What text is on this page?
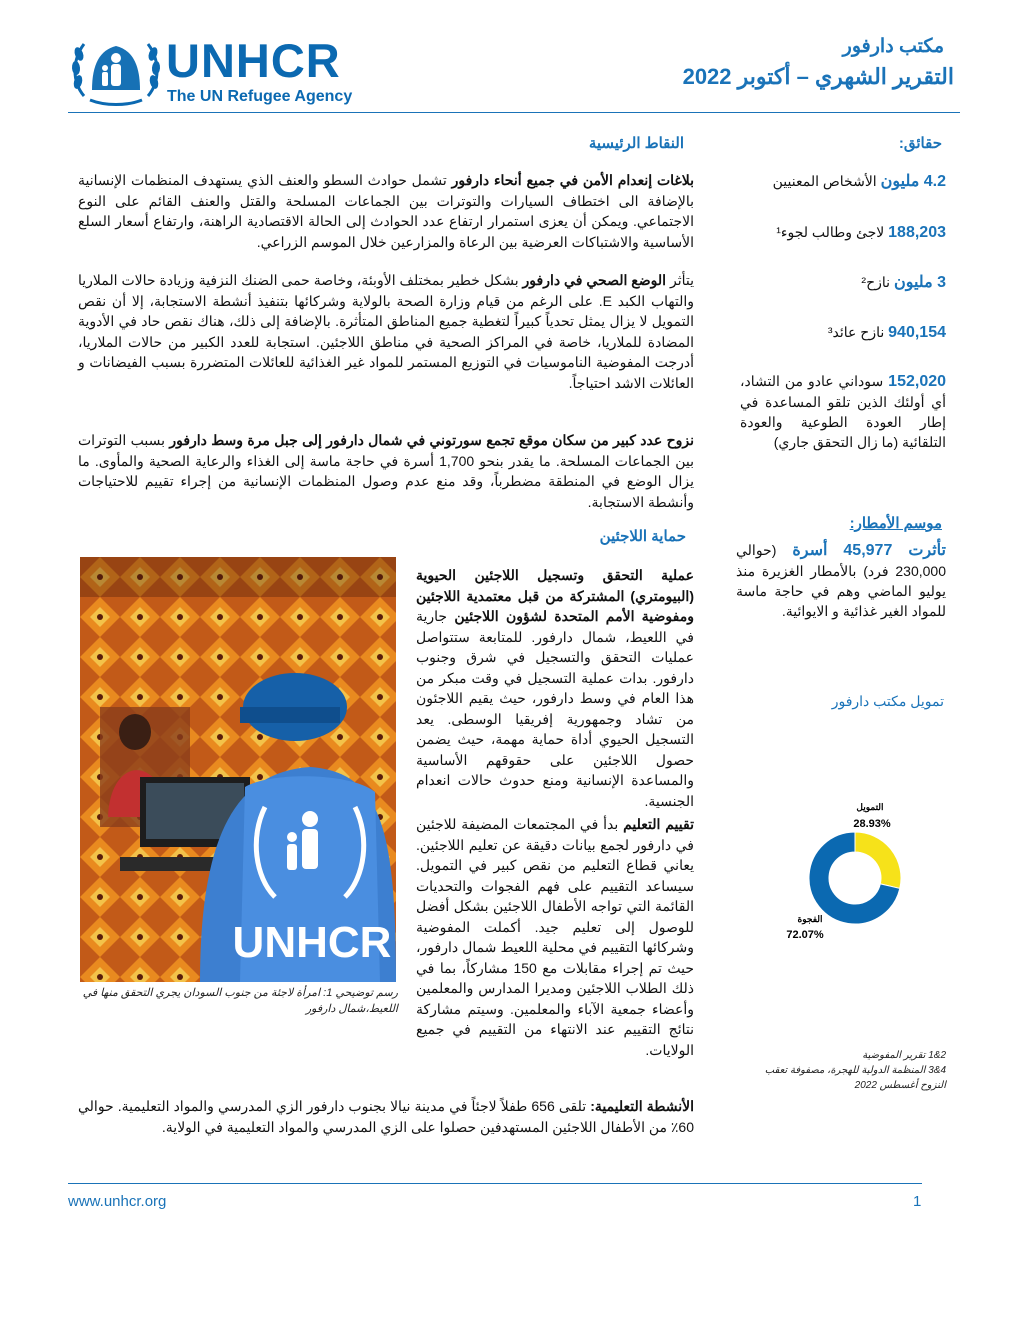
UNHCR
The UN Refugee Agency
مكتب دارفور
التقرير الشهري – أكتوبر 2022
حقائق:
4.2 مليون الأشخاص المعنيين
188,203 لاجئ وطالب لجوء¹
3 مليون نازح²
940,154 نازح عائد³
152,020 سوداني عادو من التشاد، أي أولئك الذين تلقو المساعدة في إطار العودة الطوعية والعودة التلقائية (ما زال التحقق جاري)
موسم الأمطار:
تأثرت 45,977 أسرة (حوالي 230,000 فرد) بالأمطار الغزيرة منذ يوليو الماضي وهم في حاجة ماسة للمواد الغير غذائية و الايوائية.
تمويل مكتب دارفور
التمويل
28.93%
الفجوة
72.07%
2&1 تقرير المفوضية
4&3 المنظمة الدولية للهجرة، مصفوفة تعقب
النزوح أغسطس 2022
النقاط الرئيسية
بلاغات إنعدام الأمن في جميع أنحاء دارفور تشمل حوادث السطو والعنف الذي يستهدف المنظمات الإنسانية بالإضافة الى اختطاف السيارات والتوترات بين الجماعات المسلحة والقتل والعنف القائم على النوع الاجتماعي. ويمكن أن يعزى استمرار ارتفاع عدد الحوادث إلى الحالة الاقتصادية الراهنة، وارتفاع أسعار السلع الأساسية والاشتباكات العرضية بين الرعاة والمزارعين خلال الموسم الزراعي.
يتأثر الوضع الصحي في دارفور بشكل خطير بمختلف الأوبئة، وخاصة حمى الضنك النزفية وزيادة حالات الملاريا والتهاب الكبد E. على الرغم من قيام وزارة الصحة بالولاية وشركائها بتنفيذ أنشطة الاستجابة، إلا أن نقص التمويل لا يزال يمثل تحدياً كبيراً لتغطية جميع المناطق المتأثرة. بالإضافة إلى ذلك، هناك نقص حاد في الأدوية المضادة للملاريا، خاصة في المراكز الصحية في مناطق اللاجئين. استجابة للعدد الكبير من حالات الملاريا، أدرجت المفوضية الناموسيات في التوزيع المستمر للمواد غير الغذائية للعائلات المتضررة بسبب الفيضانات و العائلات الاشد احتياجاً.
نزوح عدد كبير من سكان موقع تجمع سورتوني في شمال دارفور إلى جبل مرة وسط دارفور بسبب التوترات بين الجماعات المسلحة. ما يقدر بنحو 1,700 أسرة في حاجة ماسة إلى الغذاء والرعاية الصحية والمأوى. ما يزال الوضع في المنطقة مضطرباً، وقد منع عدم وصول المنظمات الإنسانية من إجراء تقييم للاحتياجات وأنشطة الاستجابة.
حماية اللاجئين
UNHCR
رسم توضيحي 1: امرأة لاجئة من جنوب السودان يجري التحقق منها في اللعيط،شمال دارفور
عملية التحقق وتسجيل اللاجئين الحيوية (البيومتري) المشتركة من قبل معتمدية اللاجئين ومفوضية الأمم المتحدة لشؤون اللاجئين جارية في اللعيط، شمال دارفور. للمتابعة ستتواصل عمليات التحقق والتسجيل في شرق وجنوب دارفور. بدات عملية التسجيل في وقت مبكر من هذا العام في وسط دارفور، حيث يقيم اللاجئون من تشاد وجمهورية إفريقيا الوسطى. يعد التسجيل الحيوي أداة حماية مهمة، حيث يضمن حصول اللاجئين على حقوقهم الأساسية والمساعدة الإنسانية ومنع حدوث حالات انعدام الجنسية.
تقييم التعليم بدأ في المجتمعات المضيفة للاجئين في دارفور لجمع بيانات دقيقة عن تعليم اللاجئين. يعاني قطاع التعليم من نقص كبير في التمويل. سيساعد التقييم على فهم الفجوات والتحديات القائمة التي تواجه الأطفال اللاجئين بشكل أفضل للوصول إلى تعليم جيد. أكملت المفوضية وشركائها التقييم في محلية اللعيط شمال دارفور، حيث تم إجراء مقابلات مع 150 مشاركاً، بما في ذلك الطلاب اللاجئين ومديرا المدارس والمعلمين وأعضاء جمعية الآباء والمعلمين. وسيتم مشاركة نتائج التقييم عند الانتهاء من التقييم في جميع الولايات.
الأنشطة التعليمية: تلقى 656 طفلاً لاجئاً في مدينة نيالا بجنوب دارفور الزي المدرسي والمواد التعليمية. حوالي 60٪ من الأطفال اللاجئين المستهدفين حصلوا على الزي المدرسي والمواد التعليمية في الولاية.
www.unhcr.org	1
